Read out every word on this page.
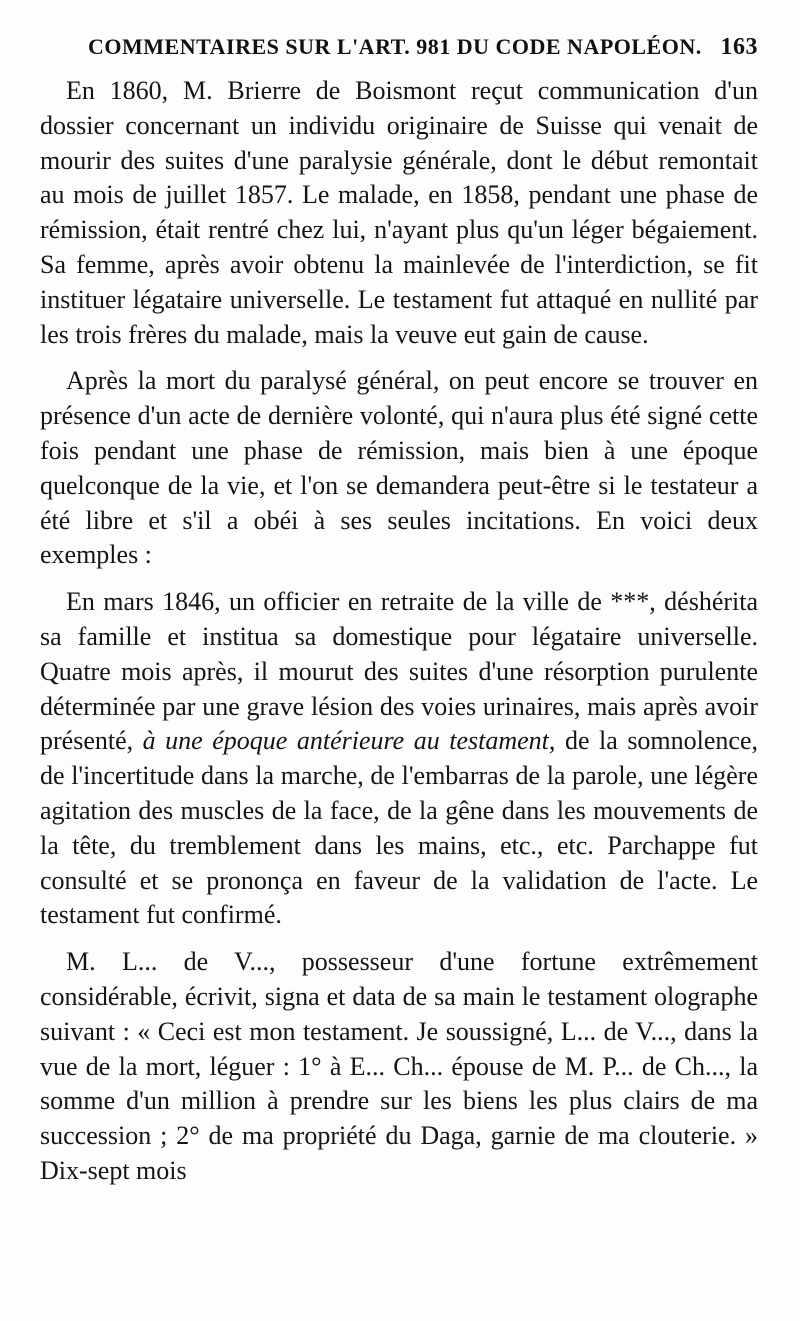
COMMENTAIRES SUR L'ART. 981 DU CODE NAPOLÉON. 163

En 1860, M. Brierre de Boismont reçut communication d'un dossier concernant un individu originaire de Suisse qui venait de mourir des suites d'une paralysie générale, dont le début remontait au mois de juillet 1857. Le malade, en 1858, pendant une phase de rémission, était rentré chez lui, n'ayant plus qu'un léger bégaiement. Sa femme, après avoir obtenu la mainlevée de l'interdiction, se fit instituer légataire universelle. Le testament fut attaqué en nullité par les trois frères du malade, mais la veuve eut gain de cause.

Après la mort du paralysé général, on peut encore se trouver en présence d'un acte de dernière volonté, qui n'aura plus été signé cette fois pendant une phase de rémission, mais bien à une époque quelconque de la vie, et l'on se demandera peut-être si le testateur a été libre et s'il a obéi à ses seules incitations. En voici deux exemples :

En mars 1846, un officier en retraite de la ville de ***, déshérita sa famille et institua sa domestique pour légataire universelle. Quatre mois après, il mourut des suites d'une résorption purulente déterminée par une grave lésion des voies urinaires, mais après avoir présenté, à une époque antérieure au testament, de la somnolence, de l'incertitude dans la marche, de l'embarras de la parole, une légère agitation des muscles de la face, de la gêne dans les mouvements de la tête, du tremblement dans les mains, etc., etc. Parchappe fut consulté et se prononça en faveur de la validation de l'acte. Le testament fut confirmé.

M. L... de V..., possesseur d'une fortune extrêmement considérable, écrivit, signa et data de sa main le testament olographe suivant : « Ceci est mon testament. Je soussigné, L... de V..., dans la vue de la mort, léguer : 1° à E... Ch... épouse de M. P... de Ch..., la somme d'un million à prendre sur les biens les plus clairs de ma succession ; 2° de ma propriété du Daga, garnie de ma clouterie. » Dix-sept mois
